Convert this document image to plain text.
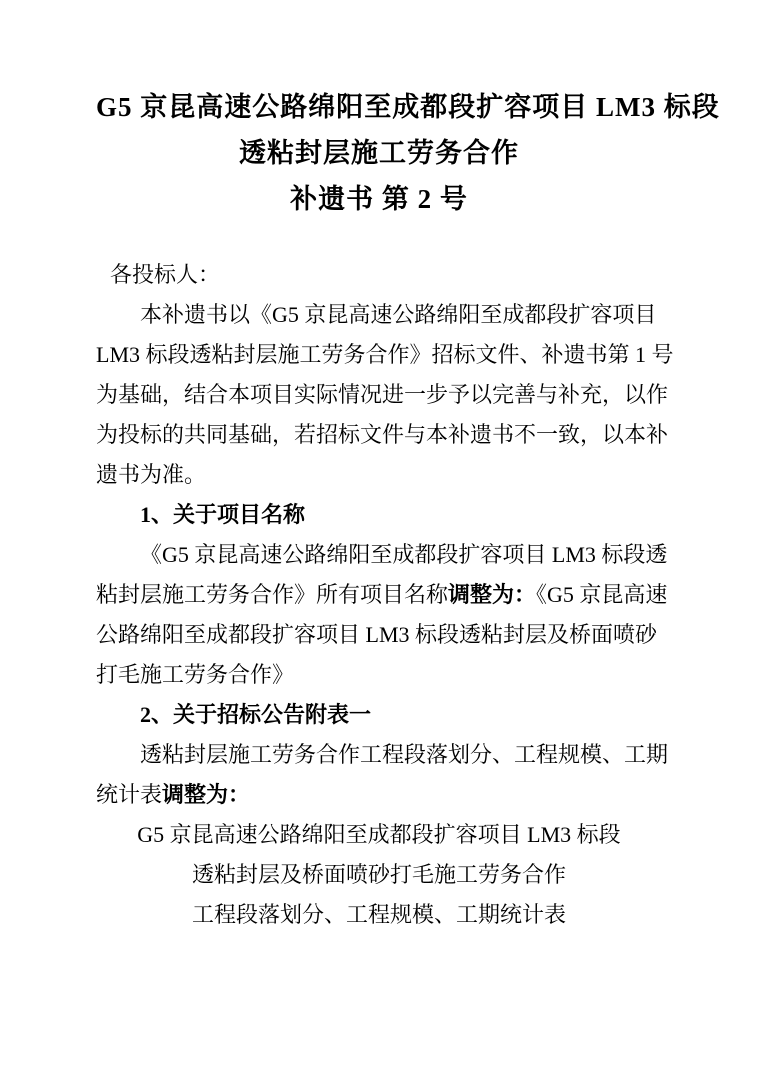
G5 京昆高速公路绵阳至成都段扩容项目 LM3 标段
透粘封层施工劳务合作
补遗书 第 2 号
各投标人：
本补遗书以《G5 京昆高速公路绵阳至成都段扩容项目
LM3 标段透粘封层施工劳务合作》招标文件、补遗书第 1 号
为基础，结合本项目实际情况进一步予以完善与补充，以作
为投标的共同基础，若招标文件与本补遗书不一致，以本补
遗书为准。
1、关于项目名称
《G5 京昆高速公路绵阳至成都段扩容项目 LM3 标段透
粘封层施工劳务合作》所有项目名称调整为：《G5 京昆高速
公路绵阳至成都段扩容项目 LM3 标段透粘封层及桥面喷砂
打毛施工劳务合作》
2、关于招标公告附表一
透粘封层施工劳务合作工程段落划分、工程规模、工期
统计表调整为：
G5 京昆高速公路绵阳至成都段扩容项目 LM3 标段
透粘封层及桥面喷砂打毛施工劳务合作
工程段落划分、工程规模、工期统计表
